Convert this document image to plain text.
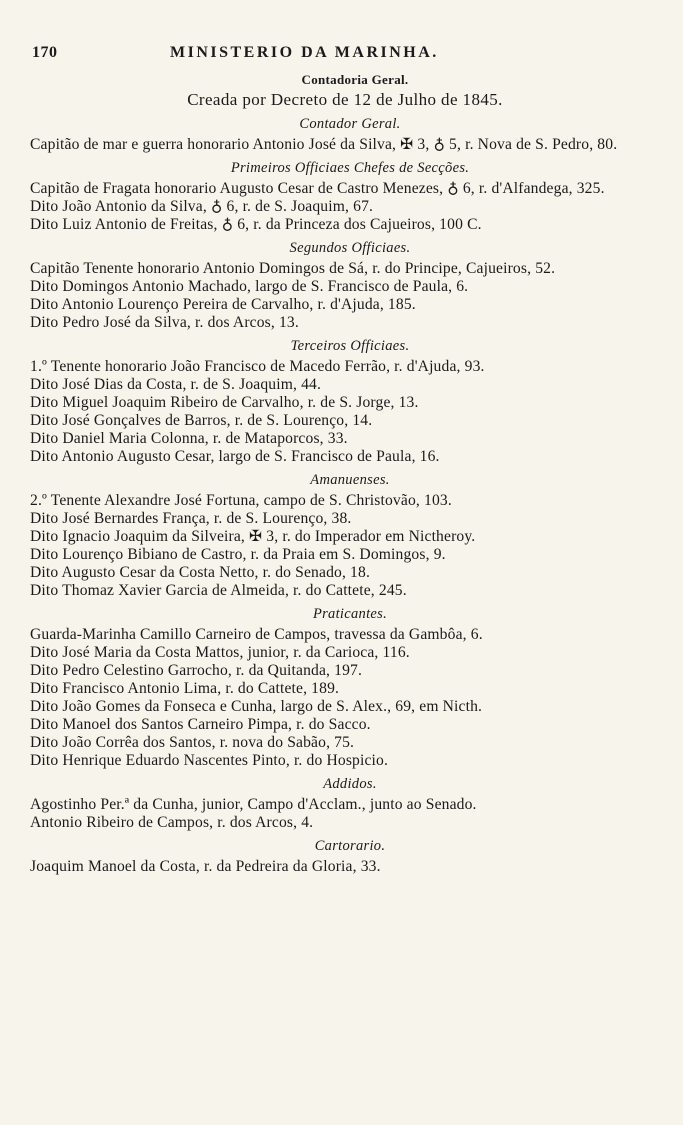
170	MINISTERIO DA MARINHA.
Contadoria Geral.
Creada por Decreto de 12 de Julho de 1845.
Contador Geral.
Capitão de mar e guerra honorario Antonio José da Silva, ✠ 3, ♁ 5, r. Nova de S. Pedro, 80.
Primeiros Officiaes Chefes de Secções.
Capitão de Fragata honorario Augusto Cesar de Castro Menezes, ♁ 6, r. d'Alfandega, 325.
Dito João Antonio da Silva, ♁ 6, r. de S. Joaquim, 67.
Dito Luiz Antonio de Freitas, ♁ 6, r. da Princeza dos Cajueiros, 100 C.
Segundos Officiaes.
Capitão Tenente honorario Antonio Domingos de Sá, r. do Principe, Cajueiros, 52.
Dito Domingos Antonio Machado, largo de S. Francisco de Paula, 6.
Dito Antonio Lourenço Pereira de Carvalho, r. d'Ajuda, 185.
Dito Pedro José da Silva, r. dos Arcos, 13.
Terceiros Officiaes.
1.º Tenente honorario João Francisco de Macedo Ferrão, r. d'Ajuda, 93.
Dito José Dias da Costa, r. de S. Joaquim, 44.
Dito Miguel Joaquim Ribeiro de Carvalho, r. de S. Jorge, 13.
Dito José Gonçalves de Barros, r. de S. Lourenço, 14.
Dito Daniel Maria Colonna, r. de Mataporcos, 33.
Dito Antonio Augusto Cesar, largo de S. Francisco de Paula, 16.
Amanuenses.
2.º Tenente Alexandre José Fortuna, campo de S. Christovão, 103.
Dito José Bernardes França, r. de S. Lourenço, 38.
Dito Ignacio Joaquim da Silveira, ✠ 3, r. do Imperador em Nictheroy.
Dito Lourenço Bibiano de Castro, r. da Praia em S. Domingos, 9.
Dito Augusto Cesar da Costa Netto, r. do Senado, 18.
Dito Thomaz Xavier Garcia de Almeida, r. do Cattete, 245.
Praticantes.
Guarda-Marinha Camillo Carneiro de Campos, travessa da Gambôa, 6.
Dito José Maria da Costa Mattos, junior, r. da Carioca, 116.
Dito Pedro Celestino Garrocho, r. da Quitanda, 197.
Dito Francisco Antonio Lima, r. do Cattete, 189.
Dito João Gomes da Fonseca e Cunha, largo de S. Alex., 69, em Nicth.
Dito Manoel dos Santos Carneiro Pimpa, r. do Sacco.
Dito João Corrêa dos Santos, r. nova do Sabão, 75.
Dito Henrique Eduardo Nascentes Pinto, r. do Hospicio.
Addidos.
Agostinho Per.ª da Cunha, junior, Campo d'Acclam., junto ao Senado.
Antonio Ribeiro de Campos, r. dos Arcos, 4.
Cartorario.
Joaquim Manoel da Costa, r. da Pedreira da Gloria, 33.
